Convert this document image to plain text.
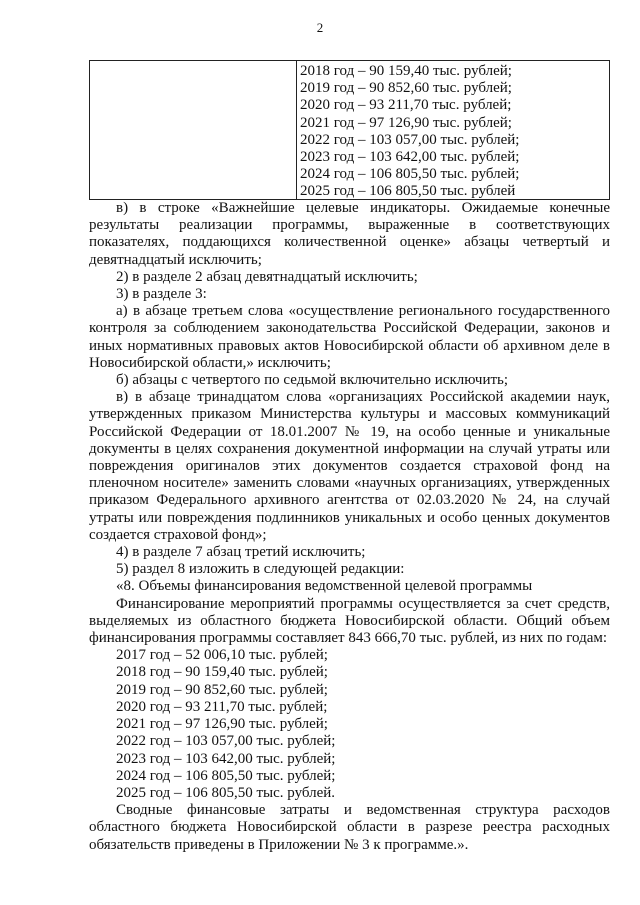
2
2018 год – 90 159,40 тыс. рублей;
2019 год – 90 852,60 тыс. рублей;
2020 год – 93 211,70 тыс. рублей;
2021 год – 97 126,90 тыс. рублей;
2022 год – 103 057,00 тыс. рублей;
2023 год – 103 642,00 тыс. рублей;
2024 год – 106 805,50 тыс. рублей;
2025 год – 106 805,50 тыс. рублей

в) в строке «Важнейшие целевые индикаторы. Ожидаемые конечные результаты реализации программы, выраженные в соответствующих показателях, поддающихся количественной оценке» абзацы четвертый и девятнадцатый исключить;

2) в разделе 2 абзац девятнадцатый исключить;

3) в разделе 3:

а) в абзаце третьем слова «осуществление регионального государственного контроля за соблюдением законодательства Российской Федерации, законов и иных нормативных правовых актов Новосибирской области об архивном деле в Новосибирской области,» исключить;

б) абзацы с четвертого по седьмой включительно исключить;

в) в абзаце тринадцатом слова «организациях Российской академии наук, утвержденных приказом Министерства культуры и массовых коммуникаций Российской Федерации от 18.01.2007 № 19, на особо ценные и уникальные документы в целях сохранения документной информации на случай утраты или повреждения оригиналов этих документов создается страховой фонд на пленочном носителе» заменить словами «научных организациях, утвержденных приказом Федерального архивного агентства от 02.03.2020 № 24, на случай утраты или повреждения подлинников уникальных и особо ценных документов создается страховой фонд»;

4) в разделе 7 абзац третий исключить;

5) раздел 8 изложить в следующей редакции:

«8. Объемы финансирования ведомственной целевой программы

Финансирование мероприятий программы осуществляется за счет средств, выделяемых из областного бюджета Новосибирской области. Общий объем финансирования программы составляет 843 666,70 тыс. рублей, из них по годам:

2017 год – 52 006,10 тыс. рублей;

2018 год – 90 159,40 тыс. рублей;

2019 год – 90 852,60 тыс. рублей;

2020 год – 93 211,70 тыс. рублей;

2021 год – 97 126,90 тыс. рублей;

2022 год – 103 057,00 тыс. рублей;

2023 год – 103 642,00 тыс. рублей;

2024 год – 106 805,50 тыс. рублей;

2025 год – 106 805,50 тыс. рублей.

Сводные финансовые затраты и ведомственная структура расходов областного бюджета Новосибирской области в разрезе реестра расходных обязательств приведены в Приложении № 3 к программе.».
